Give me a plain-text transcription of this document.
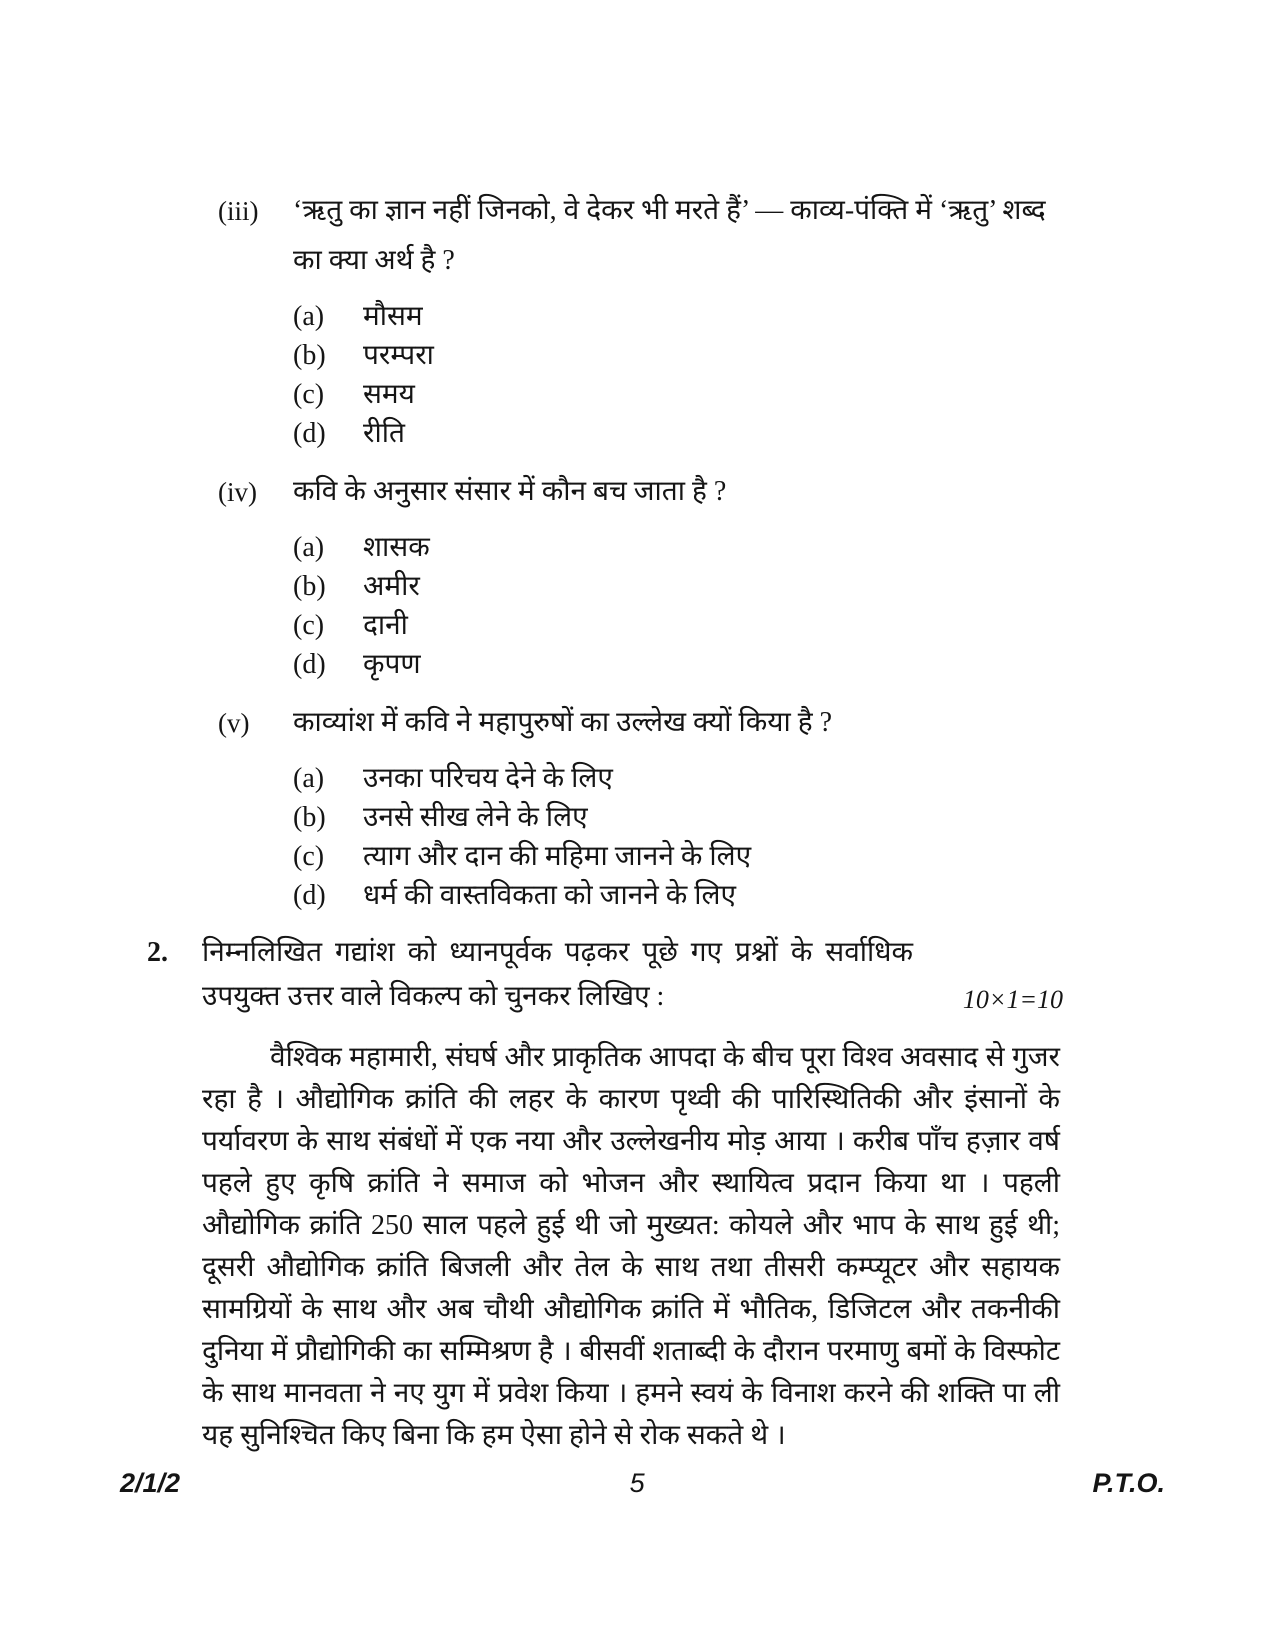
(iii)	‘ऋतु का ज्ञान नहीं जिनको, वे देकर भी मरते हैं’ — काव्य-पंक्ति में ‘ऋतु’ शब्द का क्या अर्थ है ?
(a)	मौसम
(b)	परम्परा
(c)	समय
(d)	रीति
(iv)	कवि के अनुसार संसार में कौन बच जाता है ?
(a)	शासक
(b)	अमीर
(c)	दानी
(d)	कृपण
(v)	काव्यांश में कवि ने महापुरुषों का उल्लेख क्यों किया है ?
(a)	उनका परिचय देने के लिए
(b)	उनसे सीख लेने के लिए
(c)	त्याग और दान की महिमा जानने के लिए
(d)	धर्म की वास्तविकता को जानने के लिए
2.	निम्नलिखित गद्यांश को ध्यानपूर्वक पढ़कर पूछे गए प्रश्नों के सर्वाधिक उपयुक्त उत्तर वाले विकल्प को चुनकर लिखिए :	10×1=10

वैश्विक महामारी, संघर्ष और प्राकृतिक आपदा के बीच पूरा विश्व अवसाद से गुजर रहा है । औद्योगिक क्रांति की लहर के कारण पृथ्वी की पारिस्थितिकी और इंसानों के पर्यावरण के साथ संबंधों में एक नया और उल्लेखनीय मोड़ आया । करीब पाँच हज़ार वर्ष पहले हुए कृषि क्रांति ने समाज को भोजन और स्थायित्व प्रदान किया था । पहली औद्योगिक क्रांति 250 साल पहले हुई थी जो मुख्यत: कोयले और भाप के साथ हुई थी; दूसरी औद्योगिक क्रांति बिजली और तेल के साथ तथा तीसरी कम्प्यूटर और सहायक सामग्रियों के साथ और अब चौथी औद्योगिक क्रांति में भौतिक, डिजिटल और तकनीकी दुनिया में प्रौद्योगिकी का सम्मिश्रण है । बीसवीं शताब्दी के दौरान परमाणु बमों के विस्फोट के साथ मानवता ने नए युग में प्रवेश किया । हमने स्वयं के विनाश करने की शक्ति पा ली यह सुनिश्चित किए बिना कि हम ऐसा होने से रोक सकते थे ।

2/1/2	5	P.T.O.
